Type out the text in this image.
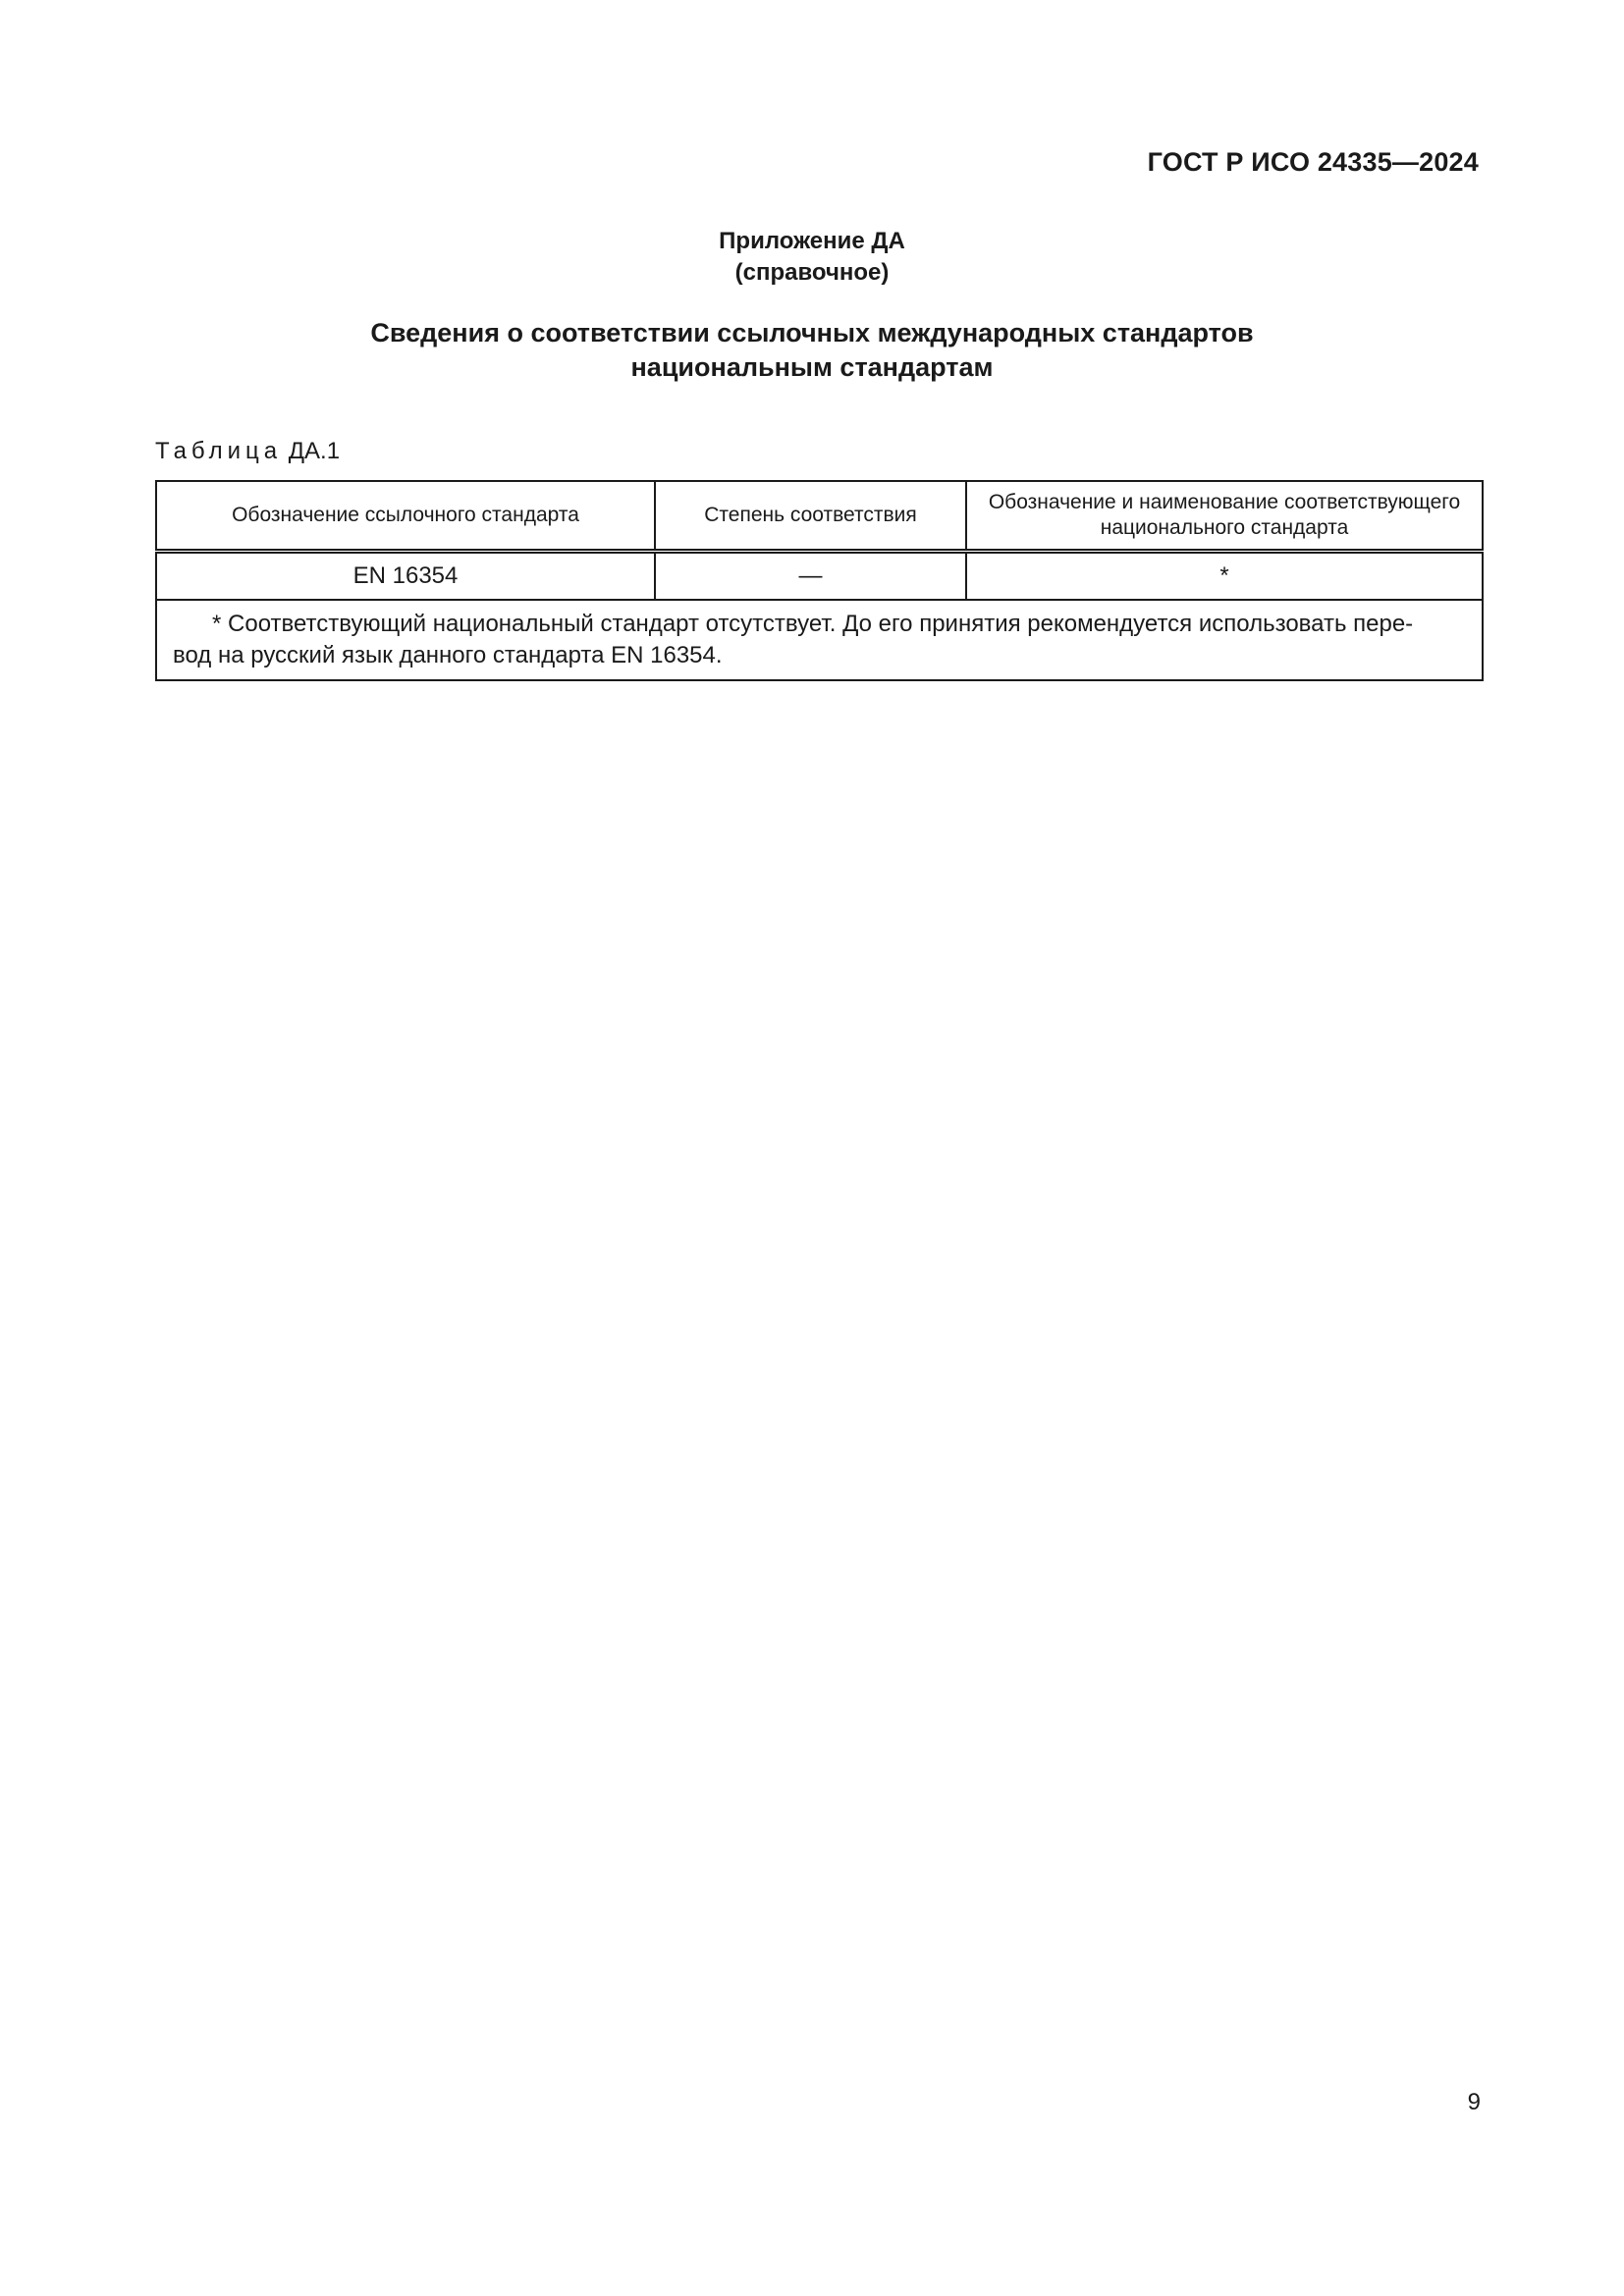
ГОСТ Р ИСО 24335—2024
Приложение ДА
(справочное)
Сведения о соответствии ссылочных международных стандартов
национальным стандартам
Таблица ДА.1
Обозначение ссылочного стандарта	Степень соответствия	Обозначение и наименование соответствующего национального стандарта
EN 16354	—	*

* Соответствующий национальный стандарт отсутствует. До его принятия рекомендуется использовать пере-
вод на русский язык данного стандарта EN 16354.		
9
